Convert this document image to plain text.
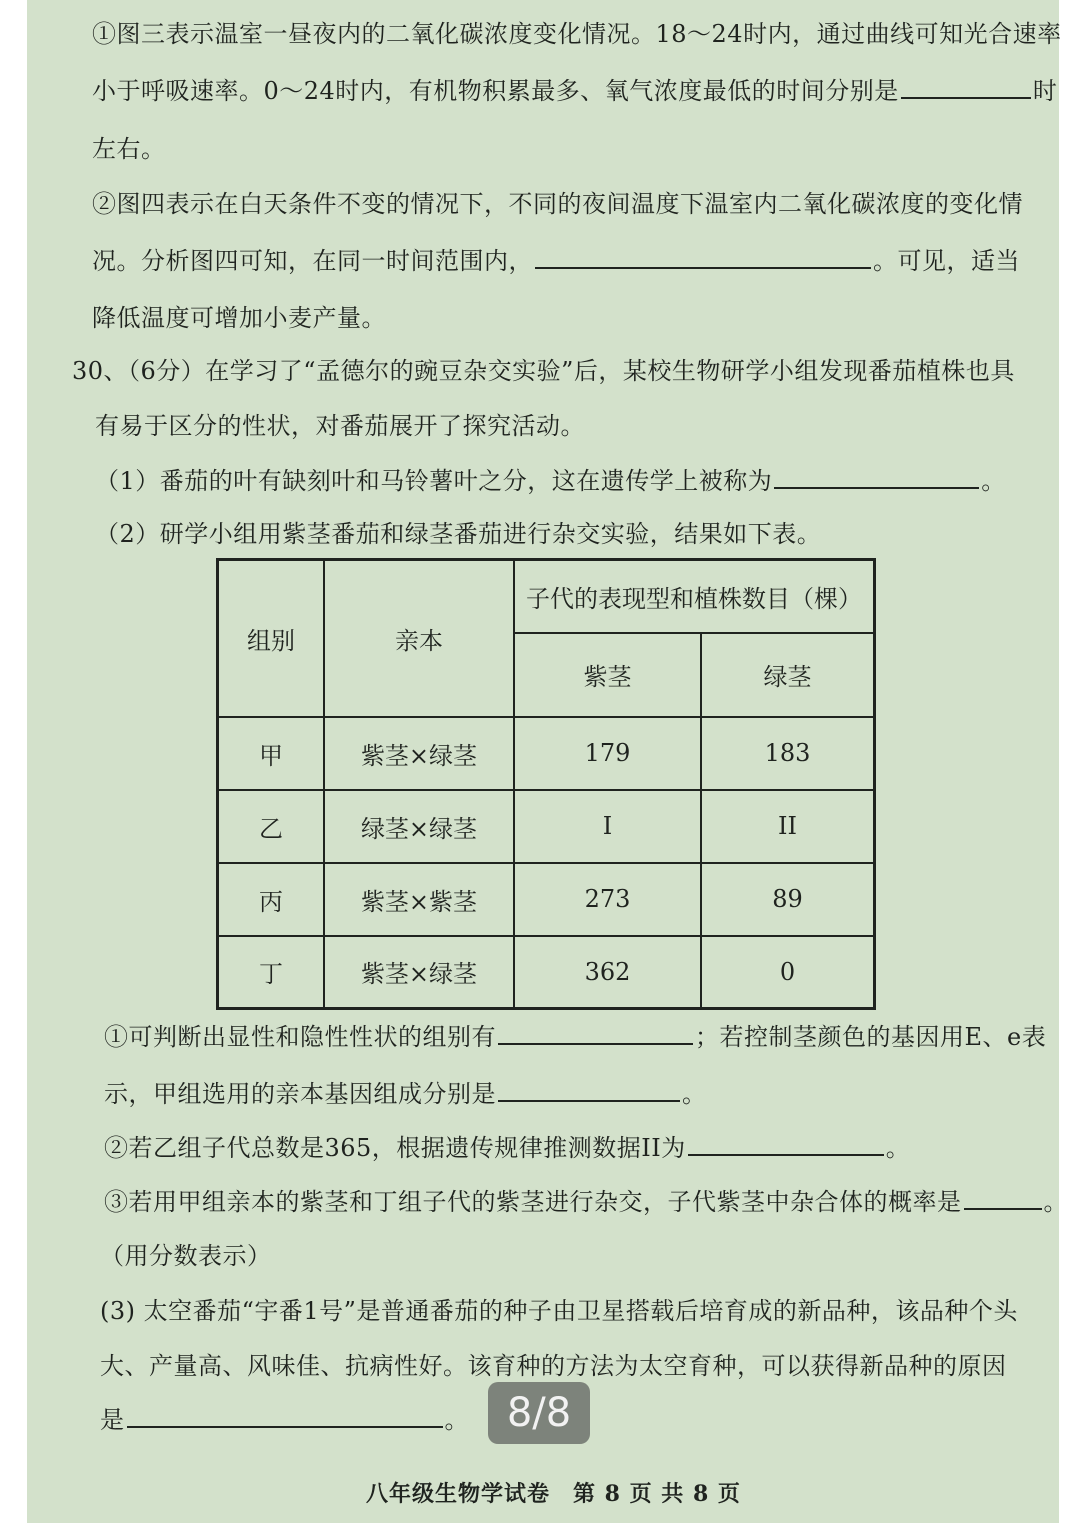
①图三表示温室一昼夜内的二氧化碳浓度变化情况。18～24时内，通过曲线可知光合速率
小于呼吸速率。0～24时内，有机物积累最多、氧气浓度最低的时间分别是	时
左右。
②图四表示在白天条件不变的情况下，不同的夜间温度下温室内二氧化碳浓度的变化情
况。分析图四可知，在同一时间范围内，	。可见，适当
降低温度可增加小麦产量。
30、（6分）在学习了“孟德尔的豌豆杂交实验”后，某校生物研学小组发现番茄植株也具
有易于区分的性状，对番茄展开了探究活动。
（1）番茄的叶有缺刻叶和马铃薯叶之分，这在遗传学上被称为	。
（2）研学小组用紫茎番茄和绿茎番茄进行杂交实验，结果如下表。
组别	亲本	子代的表现型和植株数目（棵）	
		紫茎	绿茎
甲	紫茎×绿茎	179	183
乙	绿茎×绿茎	I	II
丙	紫茎×紫茎	273	89
丁	紫茎×绿茎	362	0
①可判断出显性和隐性性状的组别有	；若控制茎颜色的基因用E、e表
示，甲组选用的亲本基因组成分别是	。
②若乙组子代总数是365，根据遗传规律推测数据II为	。
③若用甲组亲本的紫茎和丁组子代的紫茎进行杂交，子代紫茎中杂合体的概率是	。
（用分数表示）
(3) 太空番茄“宇番1号”是普通番茄的种子由卫星搭载后培育成的新品种，该品种个头
大、产量高、风味佳、抗病性好。该育种的方法为太空育种，可以获得新品种的原因
是	。
八年级生物学试卷　第 8 页 共 8 页
8/8
